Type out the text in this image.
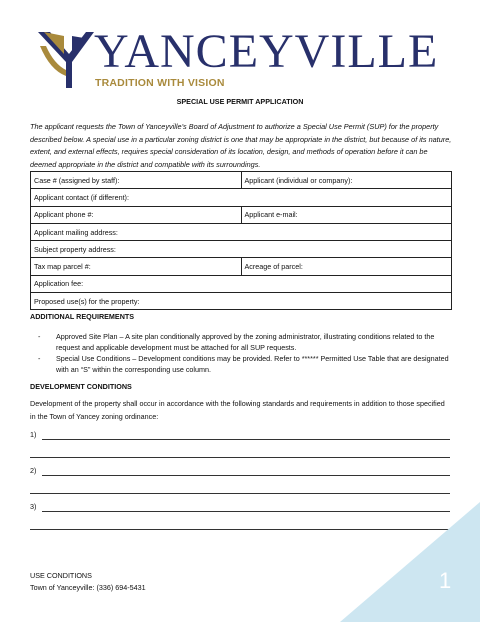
YANCEYVILLE
TRADITION WITH VISION
SPECIAL USE PERMIT APPLICATION
The applicant requests the Town of Yanceyville’s Board of Adjustment to authorize a Special Use Permit (SUP) for the property described below. A special use in a particular zoning district is one that may be appropriate in the district, but because of its nature, extent, and external effects, requires special consideration of its location, design, and methods of operation before it can be deemed appropriate in the district and compatible with its surroundings.
Case # (assigned by staff):	Applicant (individual or company):
Applicant contact (if different):	
Applicant phone #:	Applicant e-mail:
Applicant mailing address:	
Subject property address:	
Tax map parcel #:	Acreage of parcel:
Application fee:	
Proposed use(s) for the property:	
ADDITIONAL REQUIREMENTS
- Approved Site Plan – A site plan conditionally approved by the zoning administrator, illustrating conditions related to the request and applicable development must be attached for all SUP requests.
- Special Use Conditions – Development conditions may be provided. Refer to ****** Permitted Use Table that are designated with an “S” within the corresponding use column.
DEVELOPMENT CONDITIONS
Development of the property shall occur in accordance with the following standards and requirements in addition to those specified in the Town of Yancey zoning ordinance:
1)
2)
3)
USE CONDITIONS
Town of Yanceyville: (336) 694-5431	1
